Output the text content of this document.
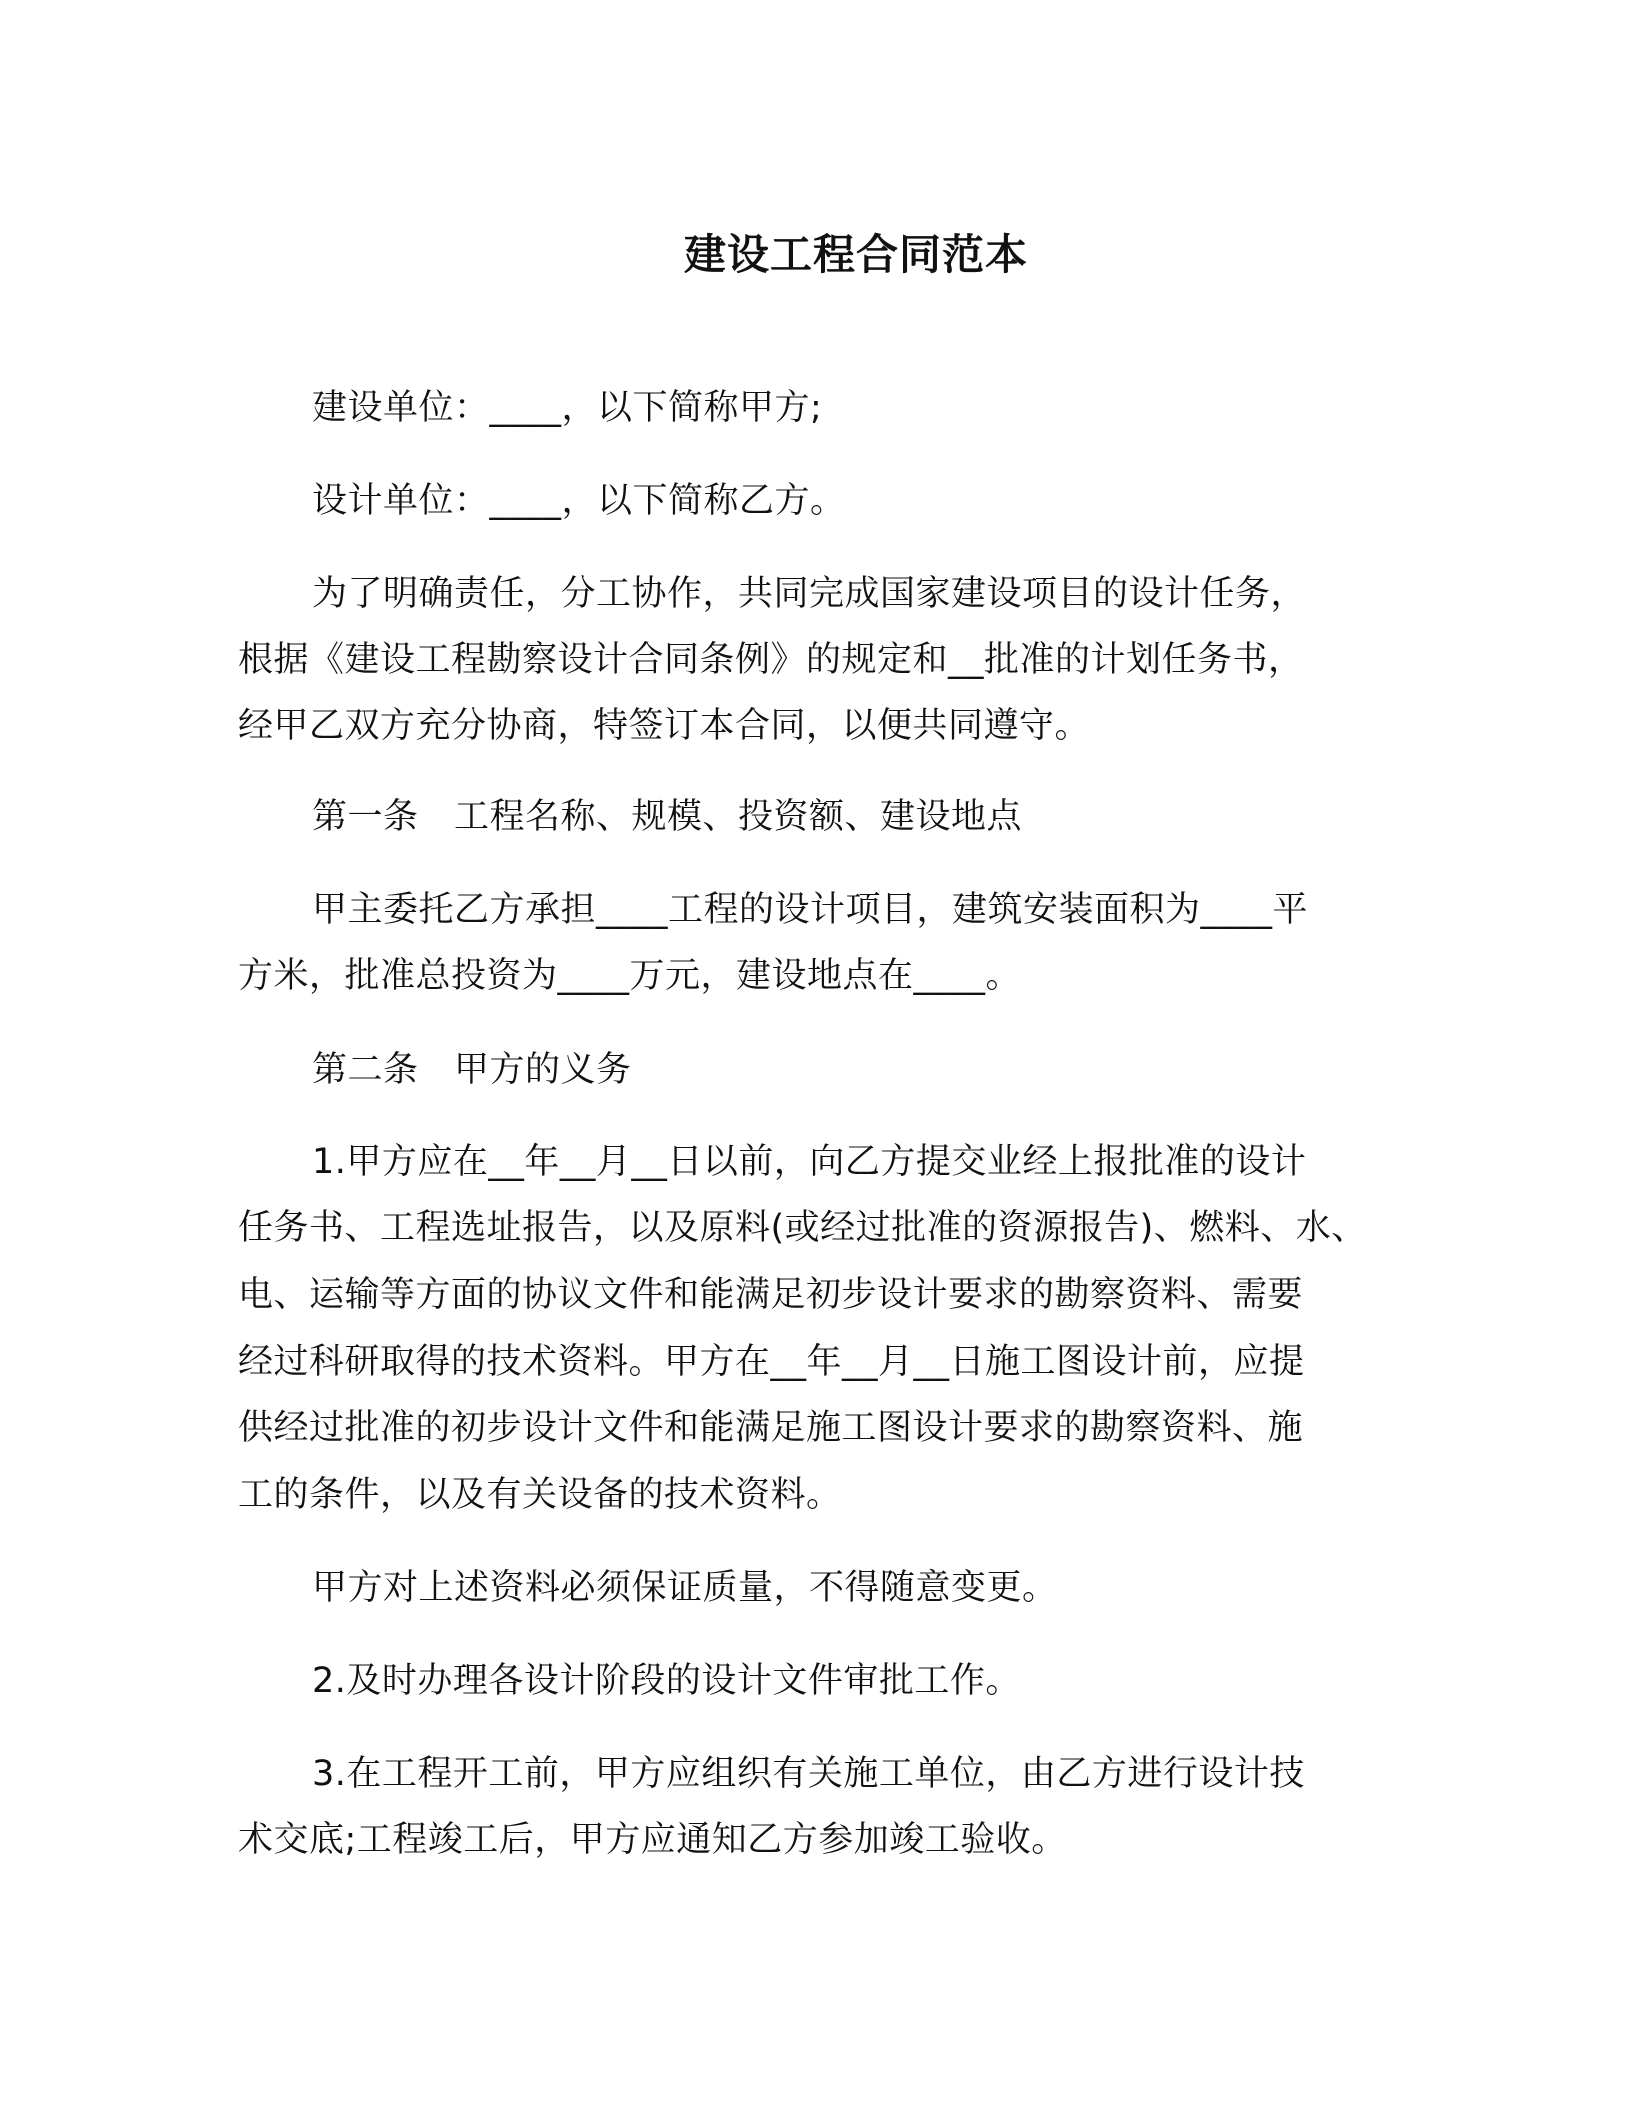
建设工程合同范本
建设单位：____，以下简称甲方;
设计单位：____，以下简称乙方。
为了明确责任，分工协作，共同完成国家建设项目的设计任务，
根据《建设工程勘察设计合同条例》的规定和__批准的计划任务书，
经甲乙双方充分协商，特签订本合同，以便共同遵守。
第一条　工程名称、规模、投资额、建设地点
甲主委托乙方承担____工程的设计项目，建筑安装面积为____平
方米，批准总投资为____万元，建设地点在____。
第二条　甲方的义务
1.甲方应在__年__月__日以前，向乙方提交业经上报批准的设计
任务书、工程选址报告，以及原料(或经过批准的资源报告)、燃料、水、
电、运输等方面的协议文件和能满足初步设计要求的勘察资料、需要
经过科研取得的技术资料。甲方在__年__月__日施工图设计前，应提
供经过批准的初步设计文件和能满足施工图设计要求的勘察资料、施
工的条件，以及有关设备的技术资料。
甲方对上述资料必须保证质量，不得随意变更。
2.及时办理各设计阶段的设计文件审批工作。
3.在工程开工前，甲方应组织有关施工单位，由乙方进行设计技
术交底;工程竣工后，甲方应通知乙方参加竣工验收。
